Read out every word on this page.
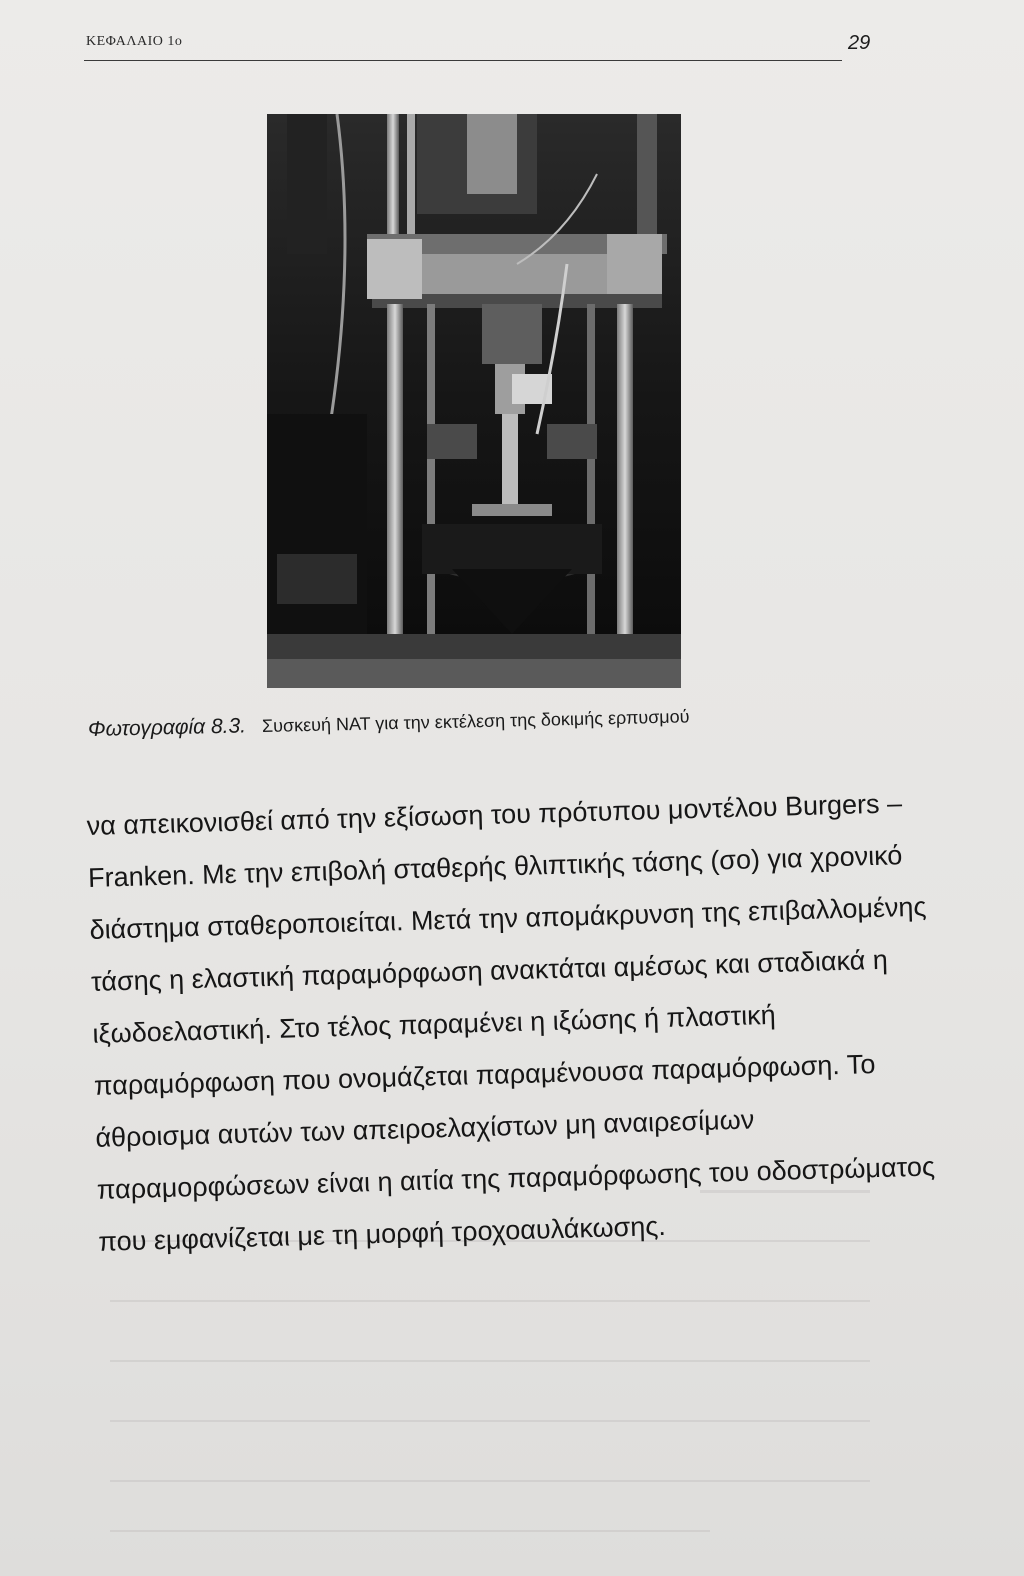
ΚΕΦΑΛΑΙΟ 1ο	29
Φωτογραφία 8.3. Συσκευή NAT για την εκτέλεση της δοκιμής ερπυσμού
να απεικονισθεί από την εξίσωση του πρότυπου μοντέλου Burgers –
Franken. Με την επιβολή σταθερής θλιπτικής τάσης (σο) για χρονικό
διάστημα σταθεροποιείται. Μετά την απομάκρυνση της επιβαλλομένης
τάσης η ελαστική παραμόρφωση ανακτάται αμέσως και σταδιακά η
ιξωδοελαστική. Στο τέλος παραμένει η ιξώσης ή πλαστική
παραμόρφωση που ονομάζεται παραμένουσα παραμόρφωση. Το
άθροισμα αυτών των απειροελαχίστων μη αναιρεσίμων
παραμορφώσεων είναι η αιτία της παραμόρφωσης του οδοστρώματος
που εμφανίζεται με τη μορφή τροχοαυλάκωσης.
